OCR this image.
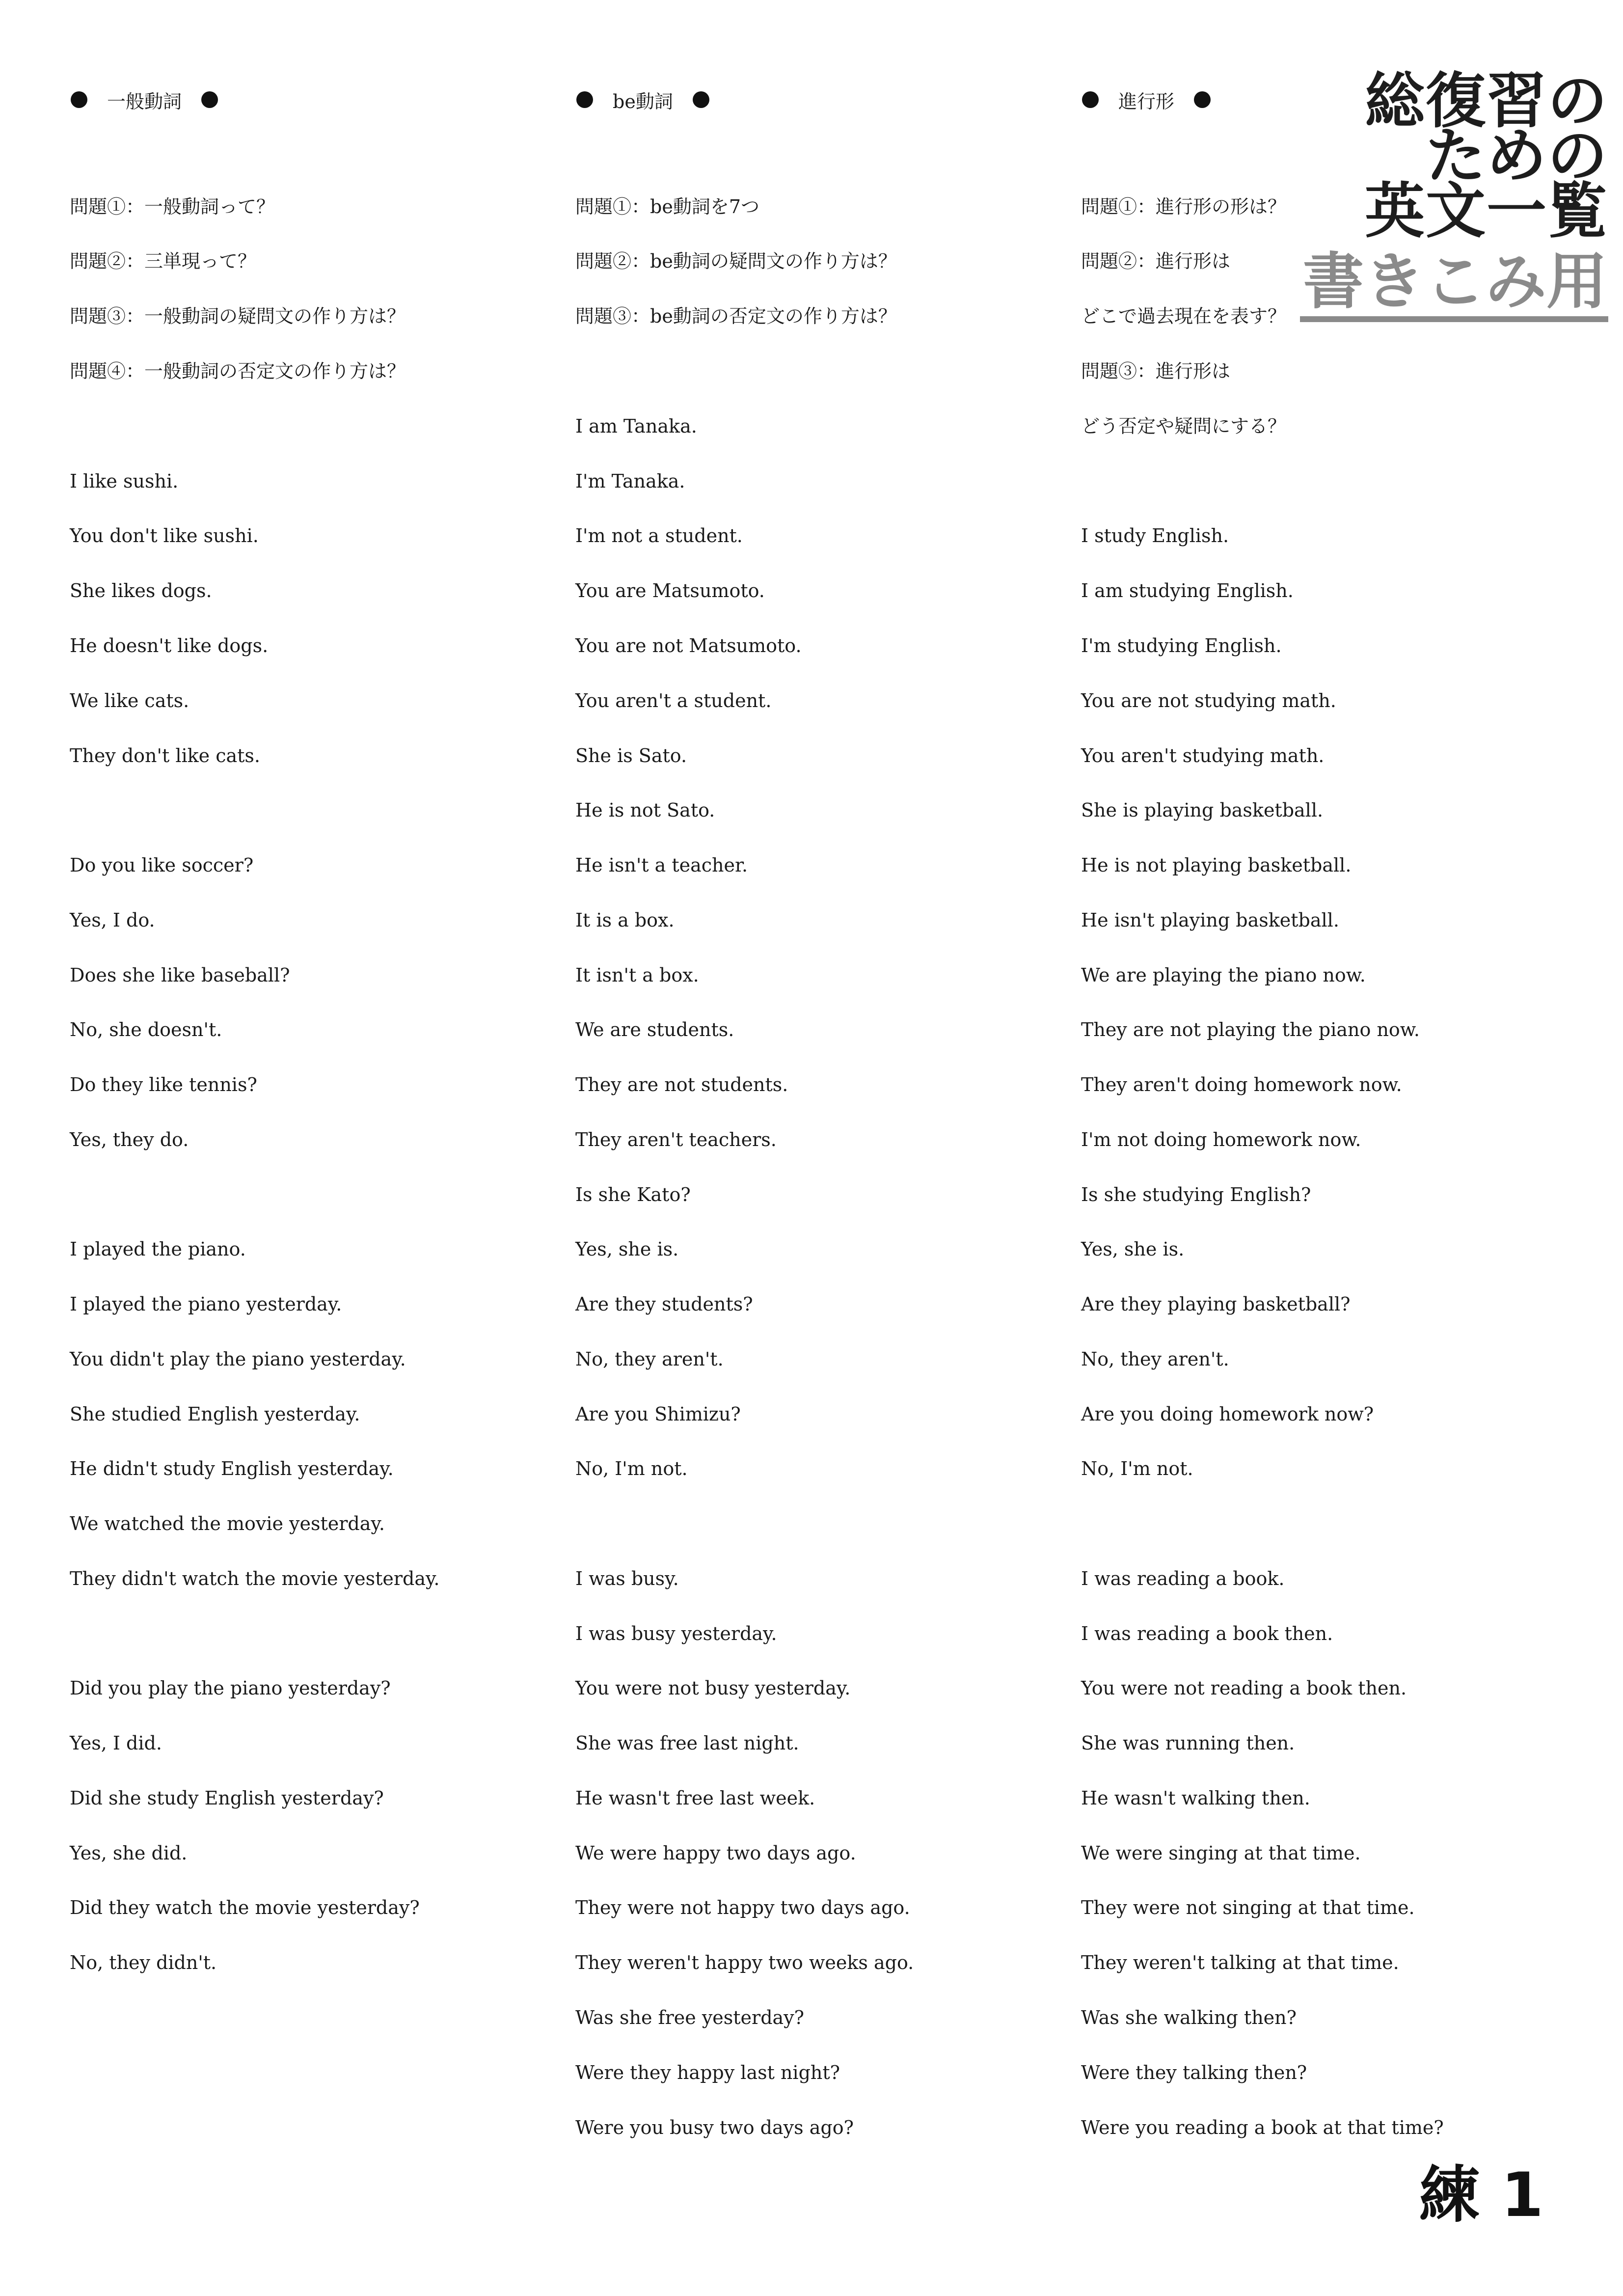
一般動詞
問題①：一般動詞って？
問題②：三単現って？
問題③：一般動詞の疑問文の作り方は？
問題④：一般動詞の否定文の作り方は？
I like sushi.
You don't like sushi.
She likes dogs.
He doesn't like dogs.
We like cats.
They don't like cats.
Do you like soccer?
Yes, I do.
Does she like baseball?
No, she doesn't.
Do they like tennis?
Yes, they do.
I played the piano.
I played the piano yesterday.
You didn't play the piano yesterday.
She studied English yesterday.
He didn't study English yesterday.
We watched the movie yesterday.
They didn't watch the movie yesterday.
Did you play the piano yesterday?
Yes, I did.
Did she study English yesterday?
Yes, she did.
Did they watch the movie yesterday?
No, they didn't.
be動詞
問題①：be動詞を7つ
問題②：be動詞の疑問文の作り方は？
問題③：be動詞の否定文の作り方は？
I am Tanaka.
I'm Tanaka.
I'm not a student.
You are Matsumoto.
You are not Matsumoto.
You aren't a student.
She is Sato.
He is not Sato.
He isn't a teacher.
It is a box.
It isn't a box.
We are students.
They are not students.
They aren't teachers.
Is she Kato?
Yes, she is.
Are they students?
No, they aren't.
Are you Shimizu?
No, I'm not.
I was busy.
I was busy yesterday.
You were not busy yesterday.
She was free last night.
He wasn't free last week.
We were happy two days ago.
They were not happy two days ago.
They weren't happy two weeks ago.
Was she free yesterday?
Were they happy last night?
Were you busy two days ago?
進行形
問題①：進行形の形は？
問題②：進行形は
どこで過去現在を表す？
問題③：進行形は
どう否定や疑問にする？
I study English.
I am studying English.
I'm studying English.
You are not studying math.
You aren't studying math.
She is playing basketball.
He is not playing basketball.
He isn't playing basketball.
We are playing the piano now.
They are not playing the piano now.
They aren't doing homework now.
I'm not doing homework now.
Is she studying English?
Yes, she is.
Are they playing basketball?
No, they aren't.
Are you doing homework now?
No, I'm not.
I was reading a book.
I was reading a book then.
You were not reading a book then.
She was running then.
He wasn't walking then.
We were singing at that time.
They were not singing at that time.
They weren't talking at that time.
Was she walking then?
Were they talking then?
Were you reading a book at that time?
総復習の
ための
英文一覧
書きこみ用
練 1
